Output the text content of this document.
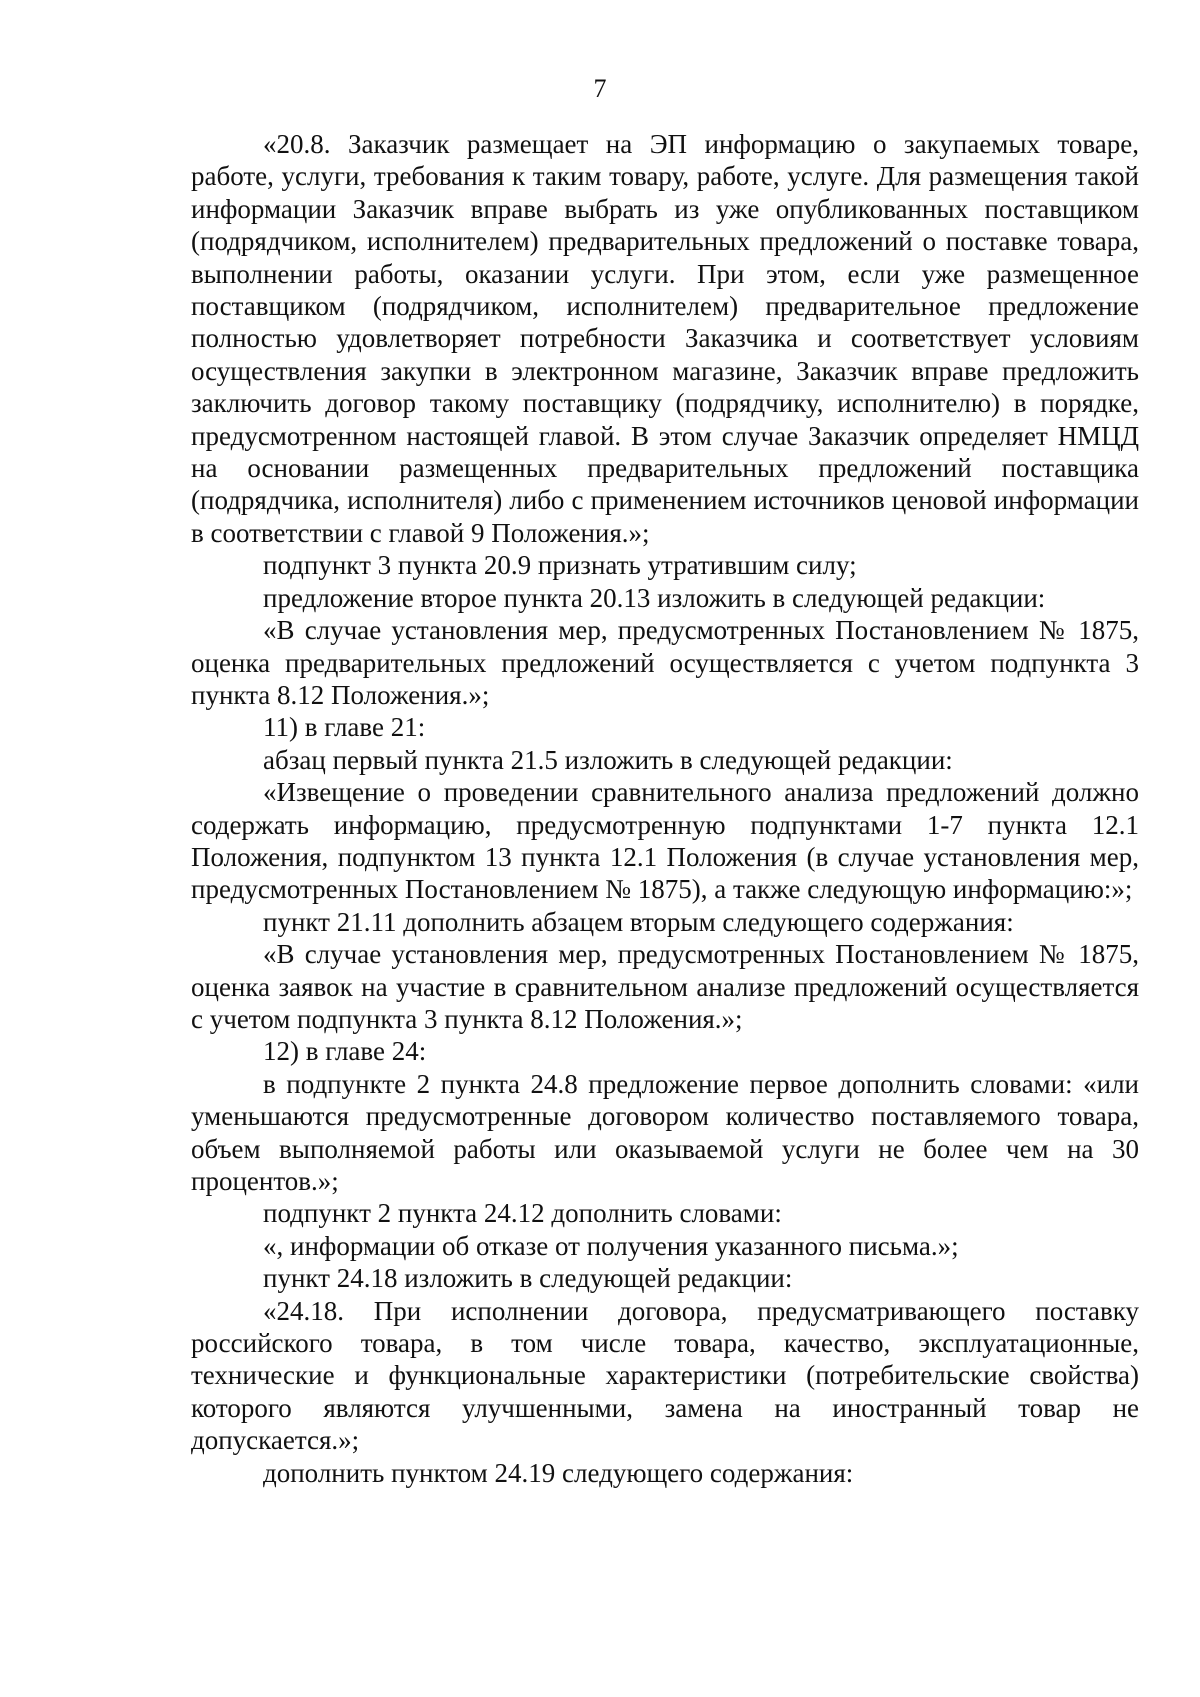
7

«20.8. Заказчик размещает на ЭП информацию о закупаемых товаре, работе, услуги, требования к таким товару, работе, услуге. Для размещения такой информации Заказчик вправе выбрать из уже опубликованных поставщиком (подрядчиком, исполнителем) предварительных предложений о поставке товара, выполнении работы, оказании услуги. При этом, если уже размещенное поставщиком (подрядчиком, исполнителем) предварительное предложение полностью удовлетворяет потребности Заказчика и соответствует условиям осуществления закупки в электронном магазине, Заказчик вправе предложить заключить договор такому поставщику (подрядчику, исполнителю) в порядке, предусмотренном настоящей главой. В этом случае Заказчик определяет НМЦД на основании размещенных предварительных предложений поставщика (подрядчика, исполнителя) либо с применением источников ценовой информации в соответствии с главой 9 Положения.»;

подпункт 3 пункта 20.9 признать утратившим силу;

предложение второе пункта 20.13 изложить в следующей редакции:

«В случае установления мер, предусмотренных Постановлением № 1875, оценка предварительных предложений осуществляется с учетом подпункта 3 пункта 8.12 Положения.»;

11) в главе 21:

абзац первый пункта 21.5 изложить в следующей редакции:

«Извещение о проведении сравнительного анализа предложений должно содержать информацию, предусмотренную подпунктами 1-7 пункта 12.1 Положения, подпунктом 13 пункта 12.1 Положения (в случае установления мер, предусмотренных Постановлением № 1875), а также следующую информацию:»;

пункт 21.11 дополнить абзацем вторым следующего содержания:

«В случае установления мер, предусмотренных Постановлением № 1875, оценка заявок на участие в сравнительном анализе предложений осуществляется с учетом подпункта 3 пункта 8.12 Положения.»;

12) в главе 24:

в подпункте 2 пункта 24.8 предложение первое дополнить словами: «или уменьшаются предусмотренные договором количество поставляемого товара, объем выполняемой работы или оказываемой услуги не более чем на 30 процентов.»;

подпункт 2 пункта 24.12 дополнить словами:

«, информации об отказе от получения указанного письма.»;

пункт 24.18 изложить в следующей редакции:

«24.18. При исполнении договора, предусматривающего поставку российского товара, в том числе товара, качество, эксплуатационные, технические и функциональные характеристики (потребительские свойства) которого являются улучшенными, замена на иностранный товар не допускается.»;

дополнить пунктом 24.19 следующего содержания:
